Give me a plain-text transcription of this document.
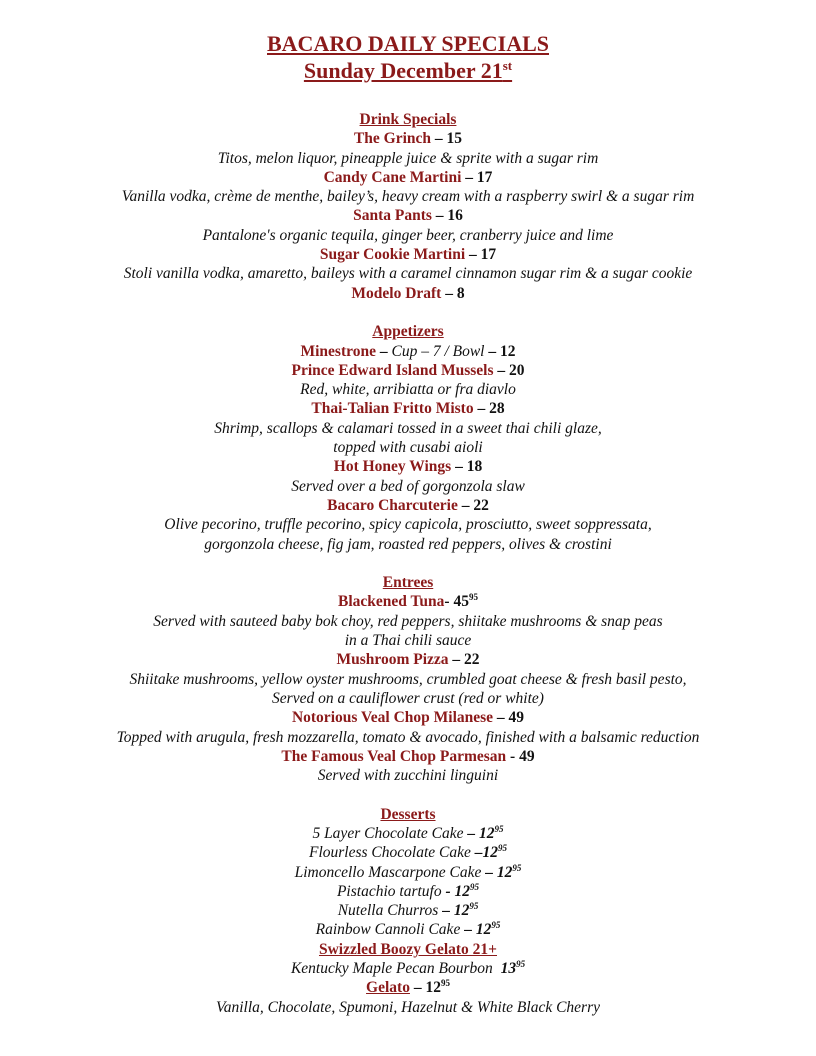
BACARO DAILY SPECIALS
Sunday December 21st
Drink Specials
The Grinch – 15
Titos, melon liquor, pineapple juice & sprite with a sugar rim
Candy Cane Martini – 17
Vanilla vodka, crème de menthe, bailey’s, heavy cream with a raspberry swirl & a sugar rim
Santa Pants – 16
Pantalone's organic tequila, ginger beer, cranberry juice and lime
Sugar Cookie Martini – 17
Stoli vanilla vodka, amaretto, baileys with a caramel cinnamon sugar rim & a sugar cookie
Modelo Draft – 8
Appetizers
Minestrone – Cup – 7 / Bowl – 12
Prince Edward Island Mussels – 20
Red, white, arribiatta or fra diavlo
Thai-Talian Fritto Misto – 28
Shrimp, scallops & calamari tossed in a sweet thai chili glaze,
topped with cusabi aioli
Hot Honey Wings – 18
Served over a bed of gorgonzola slaw
Bacaro Charcuterie – 22
Olive pecorino, truffle pecorino, spicy capicola, prosciutto, sweet soppressata,
gorgonzola cheese, fig jam, roasted red peppers, olives & crostini
Entrees
Blackened Tuna- $45^{95}$
Served with sauteed baby bok choy, red peppers, shiitake mushrooms & snap peas
in a Thai chili sauce
Mushroom Pizza – 22
Shiitake mushrooms, yellow oyster mushrooms, crumbled goat cheese & fresh basil pesto,
Served on a cauliflower crust (red or white)
Notorious Veal Chop Milanese – 49
Topped with arugula, fresh mozzarella, tomato & avocado, finished with a balsamic reduction
The Famous Veal Chop Parmesan - 49
Served with zucchini linguini
Desserts
5 Layer Chocolate Cake – $12^{95}$
Flourless Chocolate Cake $-12^{95}$
Limoncello Mascarpone Cake – $12^{95}$
Pistachio tartufo - $12^{95}$
Nutella Churros – $12^{95}$
Rainbow Cannoli Cake – $12^{95}$
Swizzled Boozy Gelato 21+
Kentucky Maple Pecan Bourbon  $13^{95}$
Gelato – $12^{95}$
Vanilla, Chocolate, Spumoni, Hazelnut & White Black Cherry
